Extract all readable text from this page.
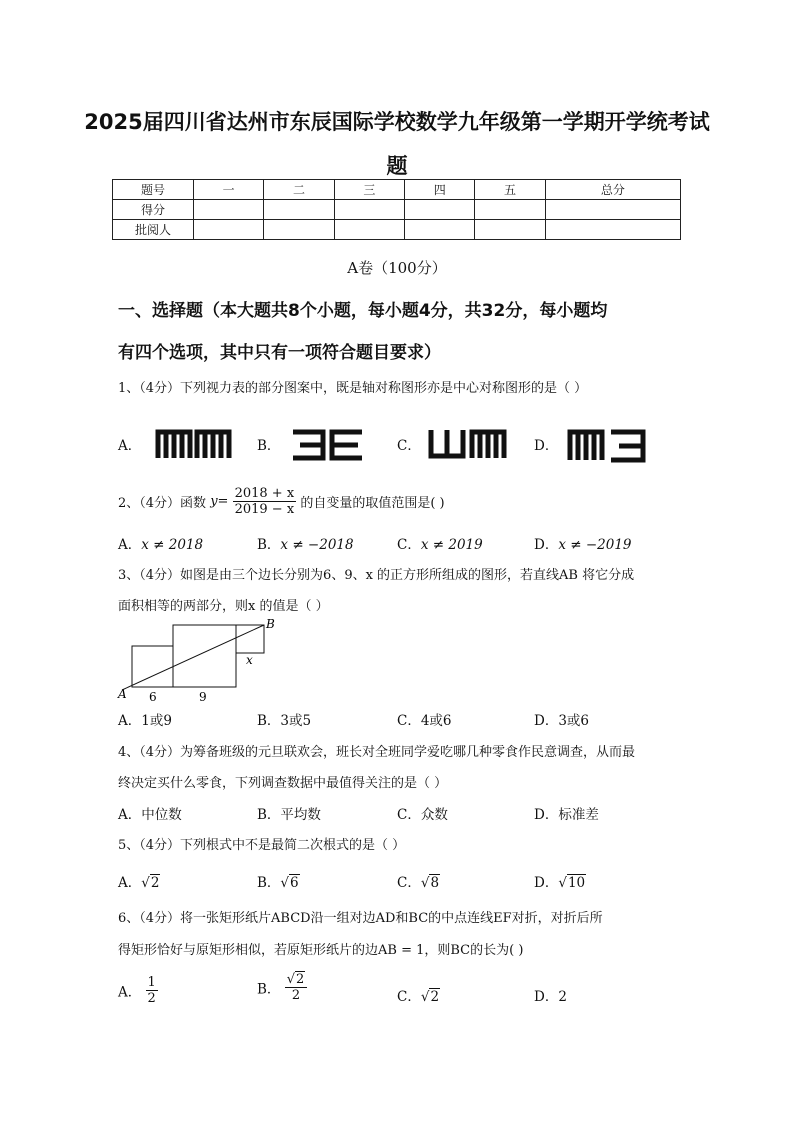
2025届四川省达州市东辰国际学校数学九年级第一学期开学统考试
题
题号	一	二	三	四	五	总分
得分						
批阅人						
A卷（100分）
一、选择题（本大题共8个小题，每小题4分，共32分，每小题均
有四个选项，其中只有一项符合题目要求）
1、（4分）下列视力表的部分图案中，既是轴对称图形亦是中心对称图形的是（ ）
A．	B．	C．	D．
2、（4分）函数 $y= \frac{2018 + x}{2019 - x}$ 的自变量的取值范围是( )
A．x ≠ 2018	B．x ≠ −2018	C．x ≠ 2019	D．x ≠ −2019
3、（4分）如图是由三个边长分别为6、9、x 的正方形所组成的图形，若直线AB 将它分成
面积相等的两部分，则x 的值是（ ）
A
B
x
6	9
A．1或9	B．3或5	C．4或6	D．3或6
4、（4分）为筹备班级的元旦联欢会，班长对全班同学爱吃哪几种零食作民意调查，从而最
终决定买什么零食，下列调查数据中最值得关注的是（ ）
A．中位数	B．平均数	C．众数	D．标准差
5、（4分）下列根式中不是最简二次根式的是（ ）
A．√2	B．√6	C．√8	D．√10
6、（4分）将一张矩形纸片ABCD沿一组对边AD和BC的中点连线EF对折，对折后所
得矩形恰好与原矩形相似，若原矩形纸片的边AB = 1，则BC的长为( )
A． $\frac{1}{2}$	B． $\frac{√2}{2}$	C．√2	D．2
